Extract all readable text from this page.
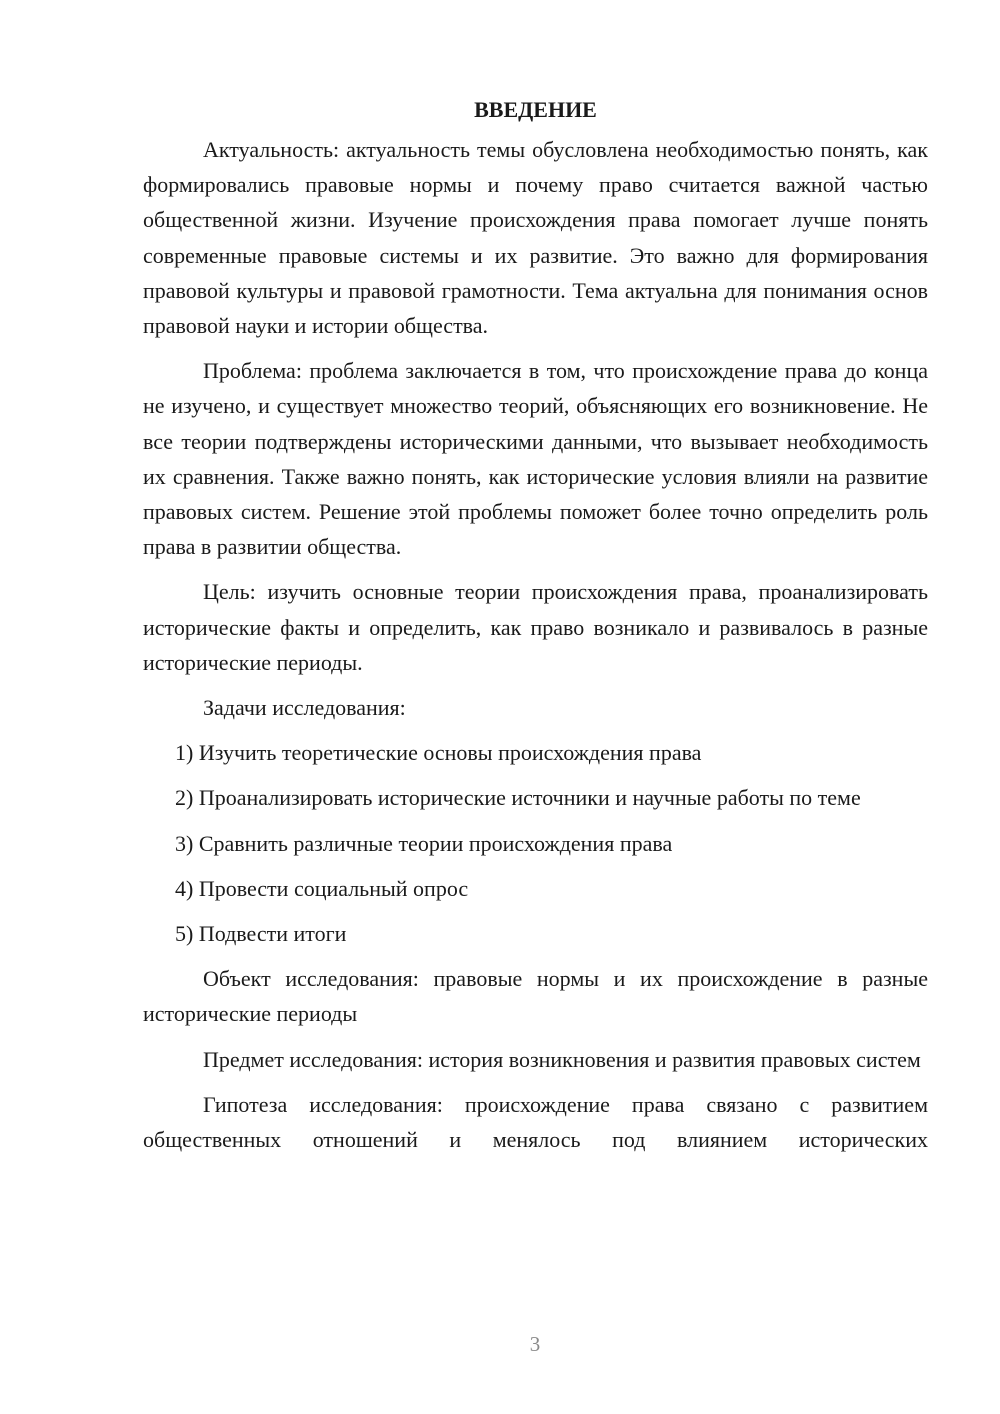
ВВЕДЕНИЕ

Актуальность: актуальность темы обусловлена необходимостью понять, как формировались правовые нормы и почему право считается важной частью общественной жизни. Изучение происхождения права помогает лучше понять современные правовые системы и их развитие. Это важно для формирования правовой культуры и правовой грамотности. Тема актуальна для понимания основ правовой науки и истории общества.

Проблема: проблема заключается в том, что происхождение права до конца не изучено, и существует множество теорий, объясняющих его возникновение. Не все теории подтверждены историческими данными, что вызывает необходимость их сравнения. Также важно понять, как исторические условия влияли на развитие правовых систем. Решение этой проблемы поможет более точно определить роль права в развитии общества.

Цель: изучить основные теории происхождения права, проанализировать исторические факты и определить, как право возникало и развивалось в разные исторические периоды.

Задачи исследования:

1) Изучить теоретические основы происхождения права

2) Проанализировать исторические источники и научные работы по теме

3) Сравнить различные теории происхождения права

4) Провести социальный опрос

5) Подвести итоги

Объект исследования: правовые нормы и их происхождение в разные исторические периоды

Предмет исследования: история возникновения и развития правовых систем

Гипотеза исследования: происхождение права связано с развитием общественных отношений и менялось под влиянием исторических

3
